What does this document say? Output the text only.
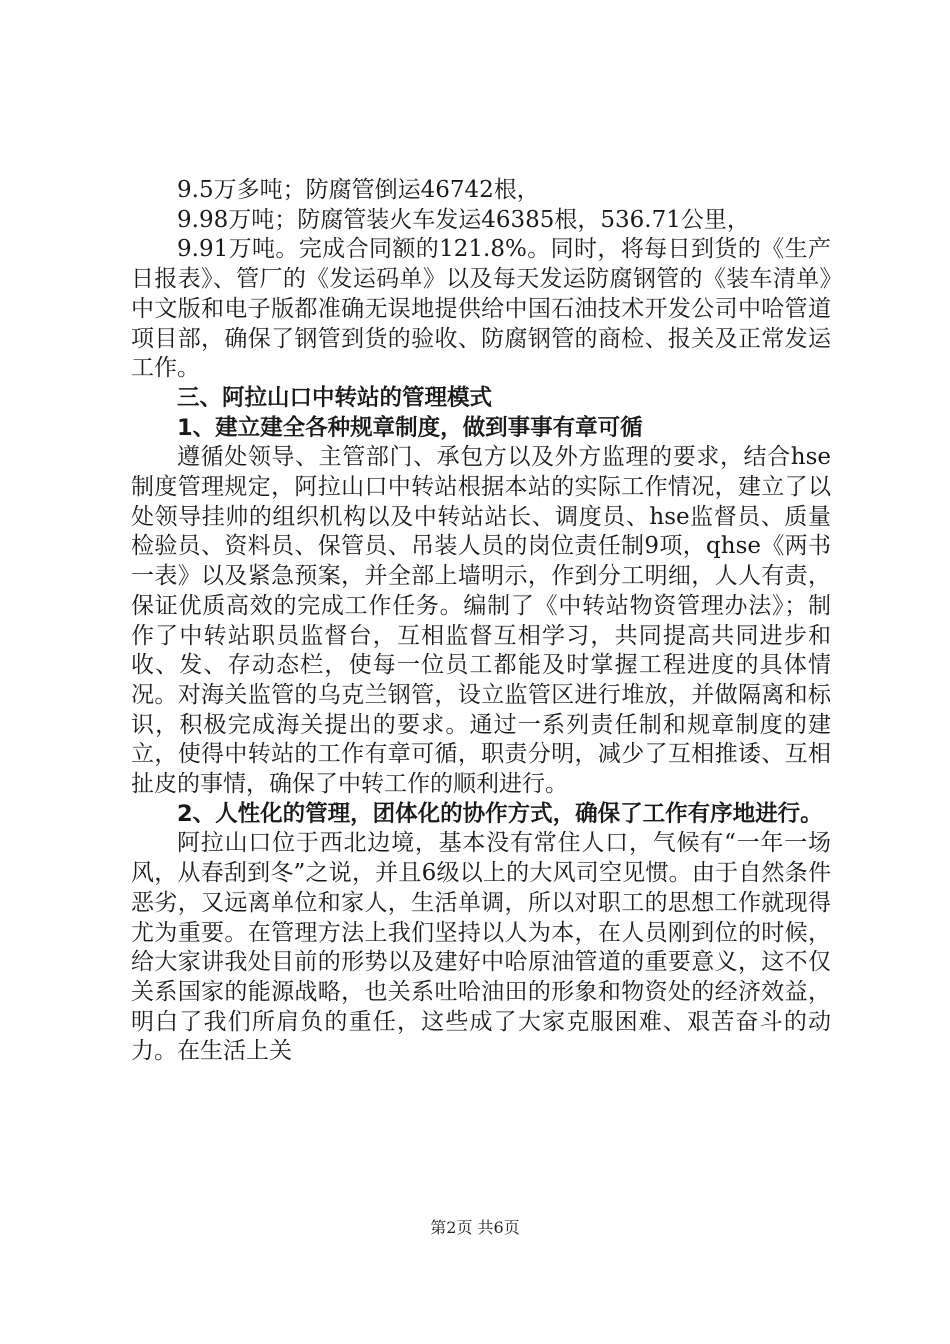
9.5万多吨；防腐管倒运46742根，

9.98万吨；防腐管装火车发运46385根，536.71公里，

9.91万吨。完成合同额的121.8%。同时，将每日到货的《生产日报表》、管厂的《发运码单》以及每天发运防腐钢管的《装车清单》中文版和电子版都准确无误地提供给中国石油技术开发公司中哈管道项目部，确保了钢管到货的验收、防腐钢管的商检、报关及正常发运工作。

三、阿拉山口中转站的管理模式

1、建立建全各种规章制度，做到事事有章可循

遵循处领导、主管部门、承包方以及外方监理的要求，结合hse制度管理规定，阿拉山口中转站根据本站的实际工作情况，建立了以处领导挂帅的组织机构以及中转站站长、调度员、hse监督员、质量检验员、资料员、保管员、吊装人员的岗位责任制9项，qhse《两书一表》以及紧急预案，并全部上墙明示，作到分工明细，人人有责，保证优质高效的完成工作任务。编制了《中转站物资管理办法》；制作了中转站职员监督台，互相监督互相学习，共同提高共同进步和收、发、存动态栏，使每一位员工都能及时掌握工程进度的具体情况。对海关监管的乌克兰钢管，设立监管区进行堆放，并做隔离和标识，积极完成海关提出的要求。通过一系列责任制和规章制度的建立，使得中转站的工作有章可循，职责分明，减少了互相推诿、互相扯皮的事情，确保了中转工作的顺利进行。

2、人性化的管理，团体化的协作方式，确保了工作有序地进行。

阿拉山口位于西北边境，基本没有常住人口，气候有“一年一场风，从春刮到冬”之说，并且6级以上的大风司空见惯。由于自然条件恶劣，又远离单位和家人，生活单调，所以对职工的思想工作就现得尤为重要。在管理方法上我们坚持以人为本，在人员刚到位的时候，给大家讲我处目前的形势以及建好中哈原油管道的重要意义，这不仅关系国家的能源战略，也关系吐哈油田的形象和物资处的经济效益，明白了我们所肩负的重任，这些成了大家克服困难、艰苦奋斗的动力。在生活上关

第2页 共6页
